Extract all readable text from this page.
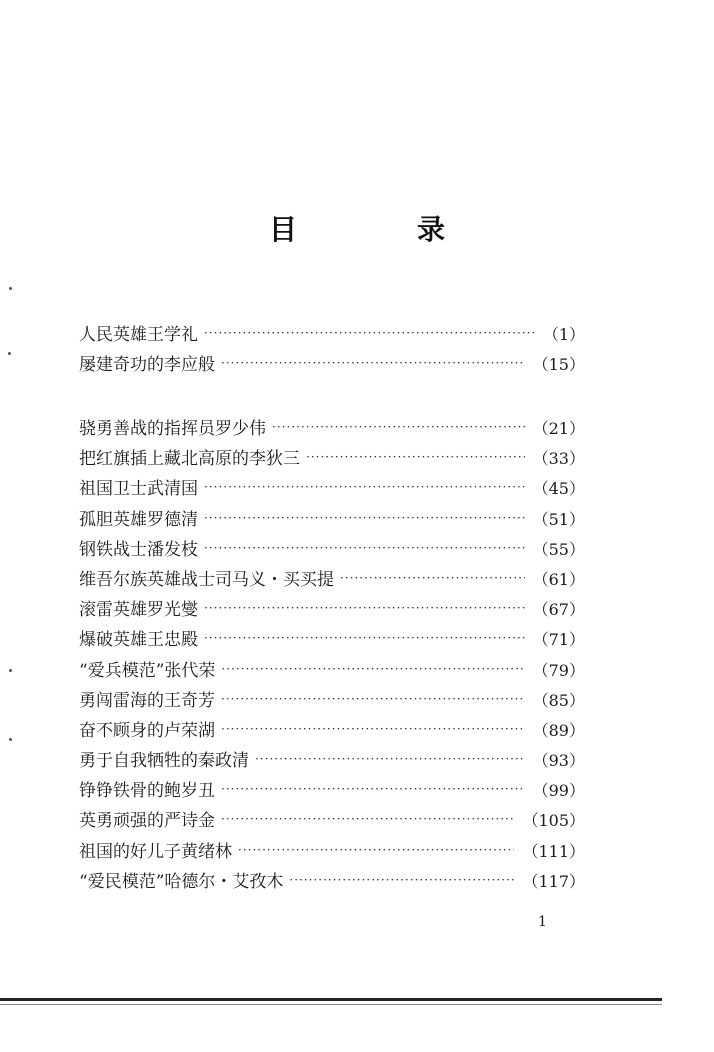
目　录
人民英雄王学礼 ·····	（1）
屡建奇功的李应般 ·····	（15）
骁勇善战的指挥员罗少伟 ·····	（21）
把红旗插上藏北高原的李狄三 ·····	（33）
祖国卫士武清国 ·····	（45）
孤胆英雄罗德清 ·····	（51）
钢铁战士潘发枝 ·····	（55）
维吾尔族英雄战士司马义・买买提 ·····	（61）
滚雷英雄罗光燮 ·····	（67）
爆破英雄王忠殿 ·····	（71）
“爱兵模范”张代荣 ·····	（79）
勇闯雷海的王奇芳 ·····	（85）
奋不顾身的卢荣湖 ·····	（89）
勇于自我牺牲的秦政清 ·····	（93）
铮铮铁骨的鲍岁丑 ·····	（99）
英勇顽强的严诗金 ·····	（105）
祖国的好儿子黄绪林 ·····	（111）
“爱民模范”哈德尔・艾孜木 ·····	（117）
1
